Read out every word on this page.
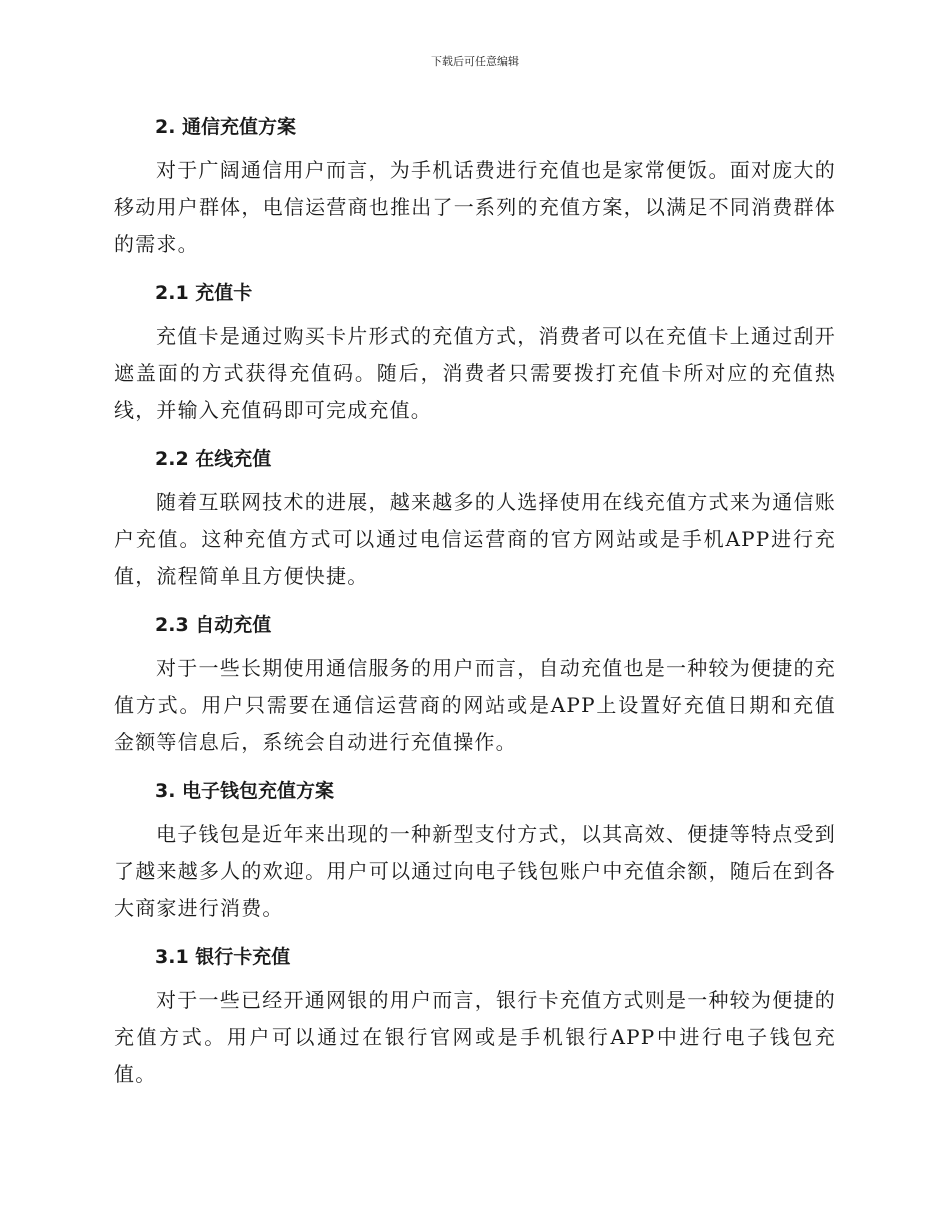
下载后可任意编辑
2. 通信充值方案

对于广阔通信用户而言，为手机话费进行充值也是家常便饭。面对庞大的移动用户群体，电信运营商也推出了一系列的充值方案，以满足不同消费群体的需求。

2.1 充值卡

充值卡是通过购买卡片形式的充值方式，消费者可以在充值卡上通过刮开遮盖面的方式获得充值码。随后，消费者只需要拨打充值卡所对应的充值热线，并输入充值码即可完成充值。

2.2 在线充值

随着互联网技术的进展，越来越多的人选择使用在线充值方式来为通信账户充值。这种充值方式可以通过电信运营商的官方网站或是手机APP进行充值，流程简单且方便快捷。

2.3 自动充值

对于一些长期使用通信服务的用户而言，自动充值也是一种较为便捷的充值方式。用户只需要在通信运营商的网站或是APP上设置好充值日期和充值金额等信息后，系统会自动进行充值操作。

3. 电子钱包充值方案

电子钱包是近年来出现的一种新型支付方式，以其高效、便捷等特点受到了越来越多人的欢迎。用户可以通过向电子钱包账户中充值余额，随后在到各大商家进行消费。

3.1 银行卡充值

对于一些已经开通网银的用户而言，银行卡充值方式则是一种较为便捷的充值方式。用户可以通过在银行官网或是手机银行APP中进行电子钱包充值。
